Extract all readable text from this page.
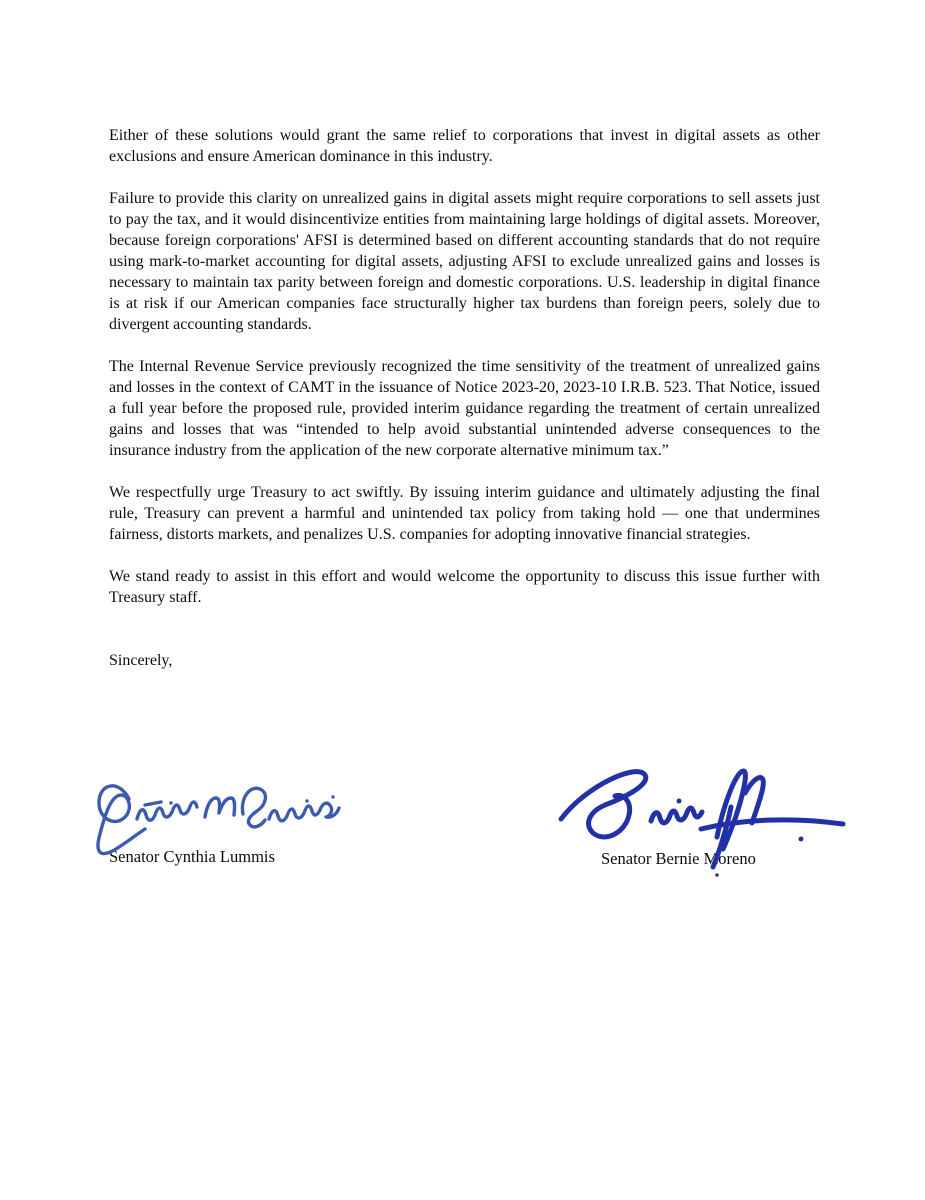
Either of these solutions would grant the same relief to corporations that invest in digital assets as other exclusions and ensure American dominance in this industry.

Failure to provide this clarity on unrealized gains in digital assets might require corporations to sell assets just to pay the tax, and it would disincentivize entities from maintaining large holdings of digital assets. Moreover, because foreign corporations' AFSI is determined based on different accounting standards that do not require using mark-to-market accounting for digital assets, adjusting AFSI to exclude unrealized gains and losses is necessary to maintain tax parity between foreign and domestic corporations. U.S. leadership in digital finance is at risk if our American companies face structurally higher tax burdens than foreign peers, solely due to divergent accounting standards.

The Internal Revenue Service previously recognized the time sensitivity of the treatment of unrealized gains and losses in the context of CAMT in the issuance of Notice 2023-20, 2023-10 I.R.B. 523. That Notice, issued a full year before the proposed rule, provided interim guidance regarding the treatment of certain unrealized gains and losses that was “intended to help avoid substantial unintended adverse consequences to the insurance industry from the application of the new corporate alternative minimum tax.”

We respectfully urge Treasury to act swiftly. By issuing interim guidance and ultimately adjusting the final rule, Treasury can prevent a harmful and unintended tax policy from taking hold — one that undermines fairness, distorts markets, and penalizes U.S. companies for adopting innovative financial strategies.

We stand ready to assist in this effort and would welcome the opportunity to discuss this issue further with Treasury staff.

Sincerely,

Senator Cynthia Lummis	Senator Bernie Moreno
